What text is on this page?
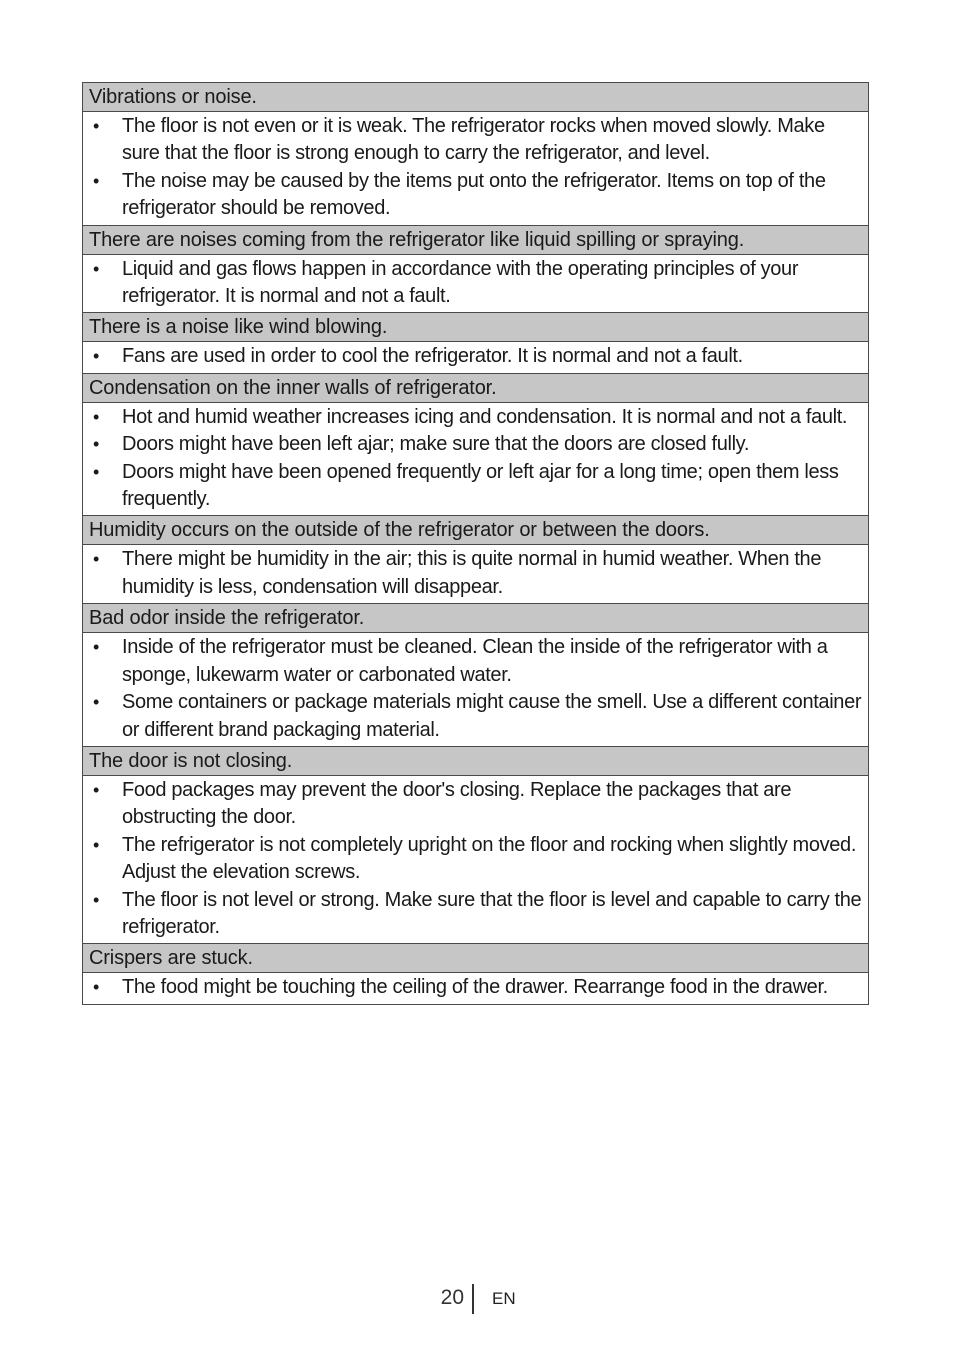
Vibrations or noise.

• The floor is not even or it is weak. The refrigerator rocks when moved slowly. Make sure that the floor is strong enough to carry the refrigerator, and level.
• The noise may be caused by the items put onto the refrigerator. Items on top of the refrigerator should be removed.

There are noises coming from the refrigerator like liquid spilling or spraying.

• Liquid and gas flows happen in accordance with the operating principles of your refrigerator. It is normal and not a fault.

There is a noise like wind blowing.

• Fans are used in order to cool the refrigerator. It is normal and not a fault.

Condensation on the inner walls of refrigerator.

• Hot and humid weather increases icing and condensation. It is normal and not a fault.
• Doors might have been left ajar; make sure that the doors are closed fully.
• Doors might have been opened frequently or left ajar for a long time; open them less frequently.

Humidity occurs on the outside of the refrigerator or between the doors.

• There might be humidity in the air; this is quite normal in humid weather. When the humidity is less, condensation will disappear.

Bad odor inside the refrigerator.

• Inside of the refrigerator must be cleaned. Clean the inside of the refrigerator with a sponge, lukewarm water or carbonated water.
• Some containers or package materials might cause the smell. Use a different container or different brand packaging material.

The door is not closing.

• Food packages may prevent the door's closing. Replace the packages that are obstructing the door.
• The refrigerator is not completely upright on the floor and rocking when slightly moved. Adjust the elevation screws.
• The floor is not level or strong. Make sure that the floor is level and capable to carry the refrigerator.

Crispers are stuck.

• The food might be touching the ceiling of the drawer. Rearrange food in the drawer.
20 EN
